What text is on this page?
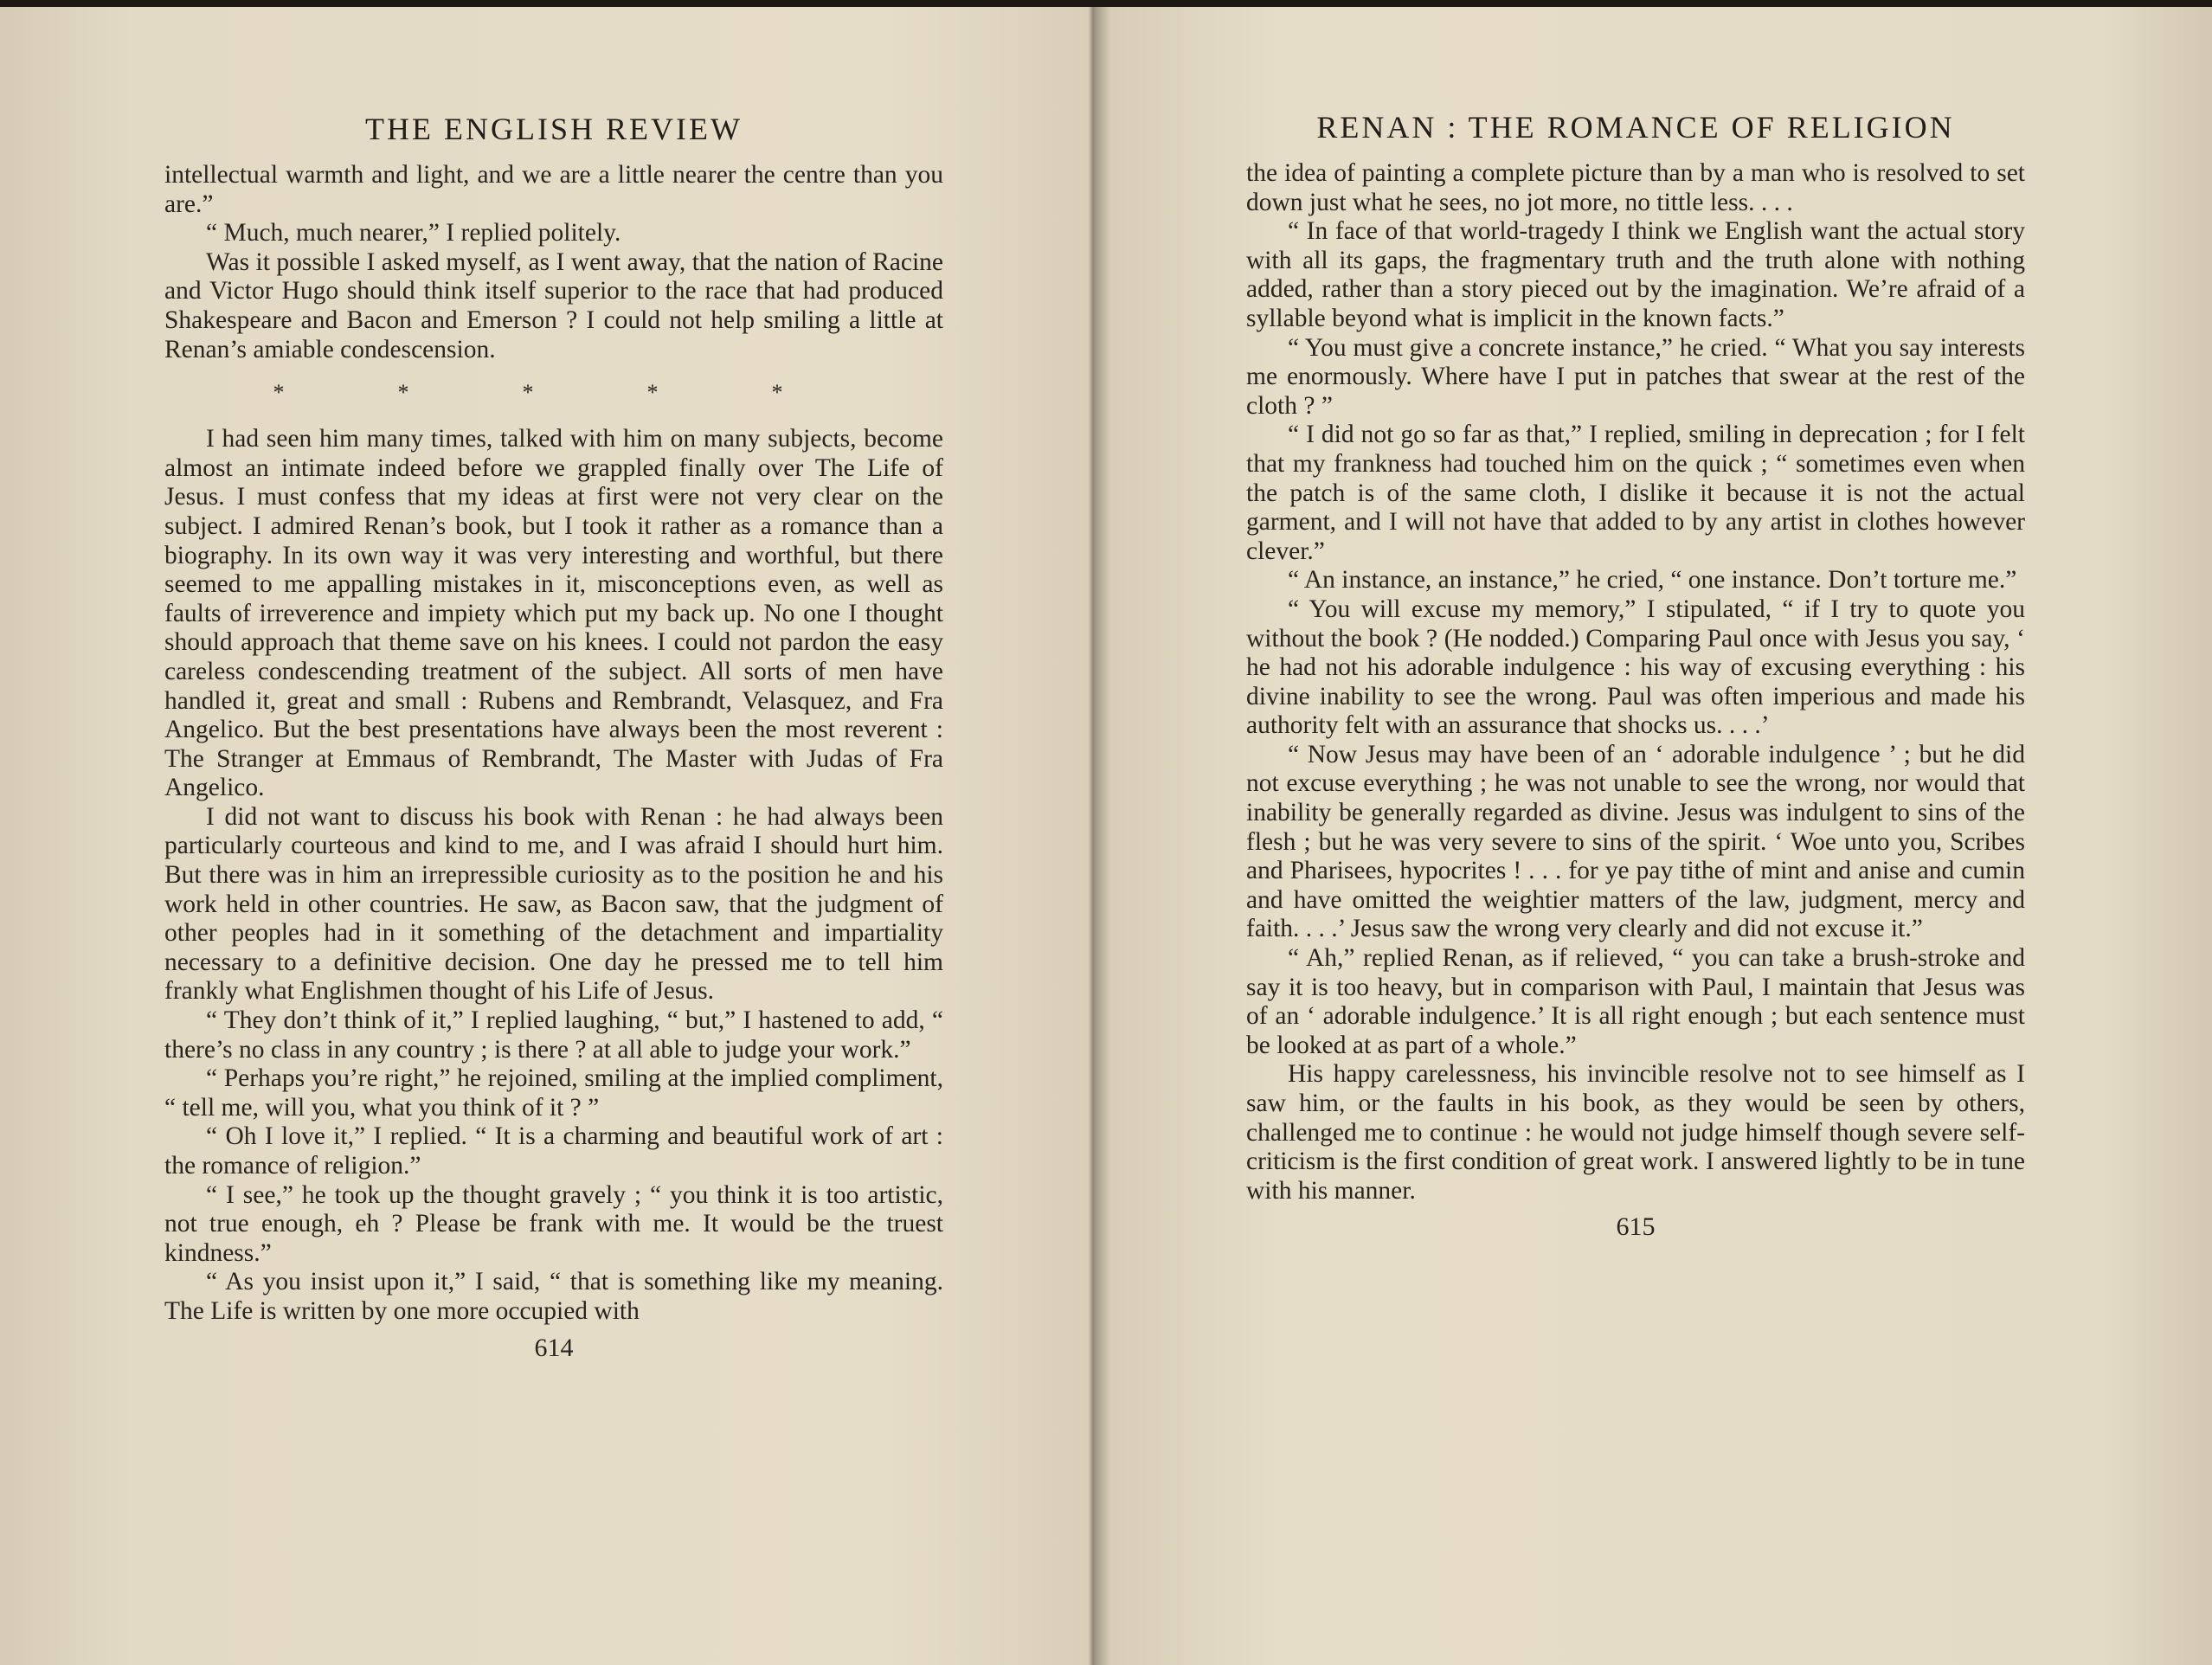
THE ENGLISH REVIEW

intellectual warmth and light, and we are a little nearer the centre than you are.”

“ Much, much nearer,” I replied politely.

Was it possible I asked myself, as I went away, that the nation of Racine and Victor Hugo should think itself superior to the race that had produced Shakespeare and Bacon and Emerson ? I could not help smiling a little at Renan’s amiable condescension.

*	*	*	*	*

I had seen him many times, talked with him on many subjects, become almost an intimate indeed before we grappled finally over The Life of Jesus. I must confess that my ideas at first were not very clear on the subject. I admired Renan’s book, but I took it rather as a romance than a biography. In its own way it was very interesting and worthful, but there seemed to me appalling mistakes in it, misconceptions even, as well as faults of irreverence and impiety which put my back up. No one I thought should approach that theme save on his knees. I could not pardon the easy careless condescending treatment of the subject. All sorts of men have handled it, great and small : Rubens and Rembrandt, Velasquez, and Fra Angelico. But the best presentations have always been the most reverent : The Stranger at Emmaus of Rembrandt, The Master with Judas of Fra Angelico.

I did not want to discuss his book with Renan : he had always been particularly courteous and kind to me, and I was afraid I should hurt him. But there was in him an irrepressible curiosity as to the position he and his work held in other countries. He saw, as Bacon saw, that the judgment of other peoples had in it something of the detachment and impartiality necessary to a definitive decision. One day he pressed me to tell him frankly what Englishmen thought of his Life of Jesus.

“ They don’t think of it,” I replied laughing, “ but,” I hastened to add, “ there’s no class in any country ; is there ? at all able to judge your work.”

“ Perhaps you’re right,” he rejoined, smiling at the implied compliment, “ tell me, will you, what you think of it ? ”

“ Oh I love it,” I replied. “ It is a charming and beautiful work of art : the romance of religion.”

“ I see,” he took up the thought gravely ; “ you think it is too artistic, not true enough, eh ? Please be frank with me. It would be the truest kindness.”

“ As you insist upon it,” I said, “ that is something like my meaning. The Life is written by one more occupied with

614
RENAN : THE ROMANCE OF RELIGION

the idea of painting a complete picture than by a man who is resolved to set down just what he sees, no jot more, no tittle less. . . .

“ In face of that world-tragedy I think we English want the actual story with all its gaps, the fragmentary truth and the truth alone with nothing added, rather than a story pieced out by the imagination. We’re afraid of a syllable beyond what is implicit in the known facts.”

“ You must give a concrete instance,” he cried. “ What you say interests me enormously. Where have I put in patches that swear at the rest of the cloth ? ”

“ I did not go so far as that,” I replied, smiling in deprecation ; for I felt that my frankness had touched him on the quick ; “ sometimes even when the patch is of the same cloth, I dislike it because it is not the actual garment, and I will not have that added to by any artist in clothes however clever.”

“ An instance, an instance,” he cried, “ one instance. Don’t torture me.”

“ You will excuse my memory,” I stipulated, “ if I try to quote you without the book ? (He nodded.) Comparing Paul once with Jesus you say, ‘ he had not his adorable indulgence : his way of excusing everything : his divine inability to see the wrong. Paul was often imperious and made his authority felt with an assurance that shocks us. . . .’

“ Now Jesus may have been of an ‘ adorable indulgence ’ ; but he did not excuse everything ; he was not unable to see the wrong, nor would that inability be generally regarded as divine. Jesus was indulgent to sins of the flesh ; but he was very severe to sins of the spirit. ‘ Woe unto you, Scribes and Pharisees, hypocrites ! . . . for ye pay tithe of mint and anise and cumin and have omitted the weightier matters of the law, judgment, mercy and faith. . . .’ Jesus saw the wrong very clearly and did not excuse it.”

“ Ah,” replied Renan, as if relieved, “ you can take a brush-stroke and say it is too heavy, but in comparison with Paul, I maintain that Jesus was of an ‘ adorable indulgence.’ It is all right enough ; but each sentence must be looked at as part of a whole.”

His happy carelessness, his invincible resolve not to see himself as I saw him, or the faults in his book, as they would be seen by others, challenged me to continue : he would not judge himself though severe self-criticism is the first condition of great work. I answered lightly to be in tune with his manner.

615
